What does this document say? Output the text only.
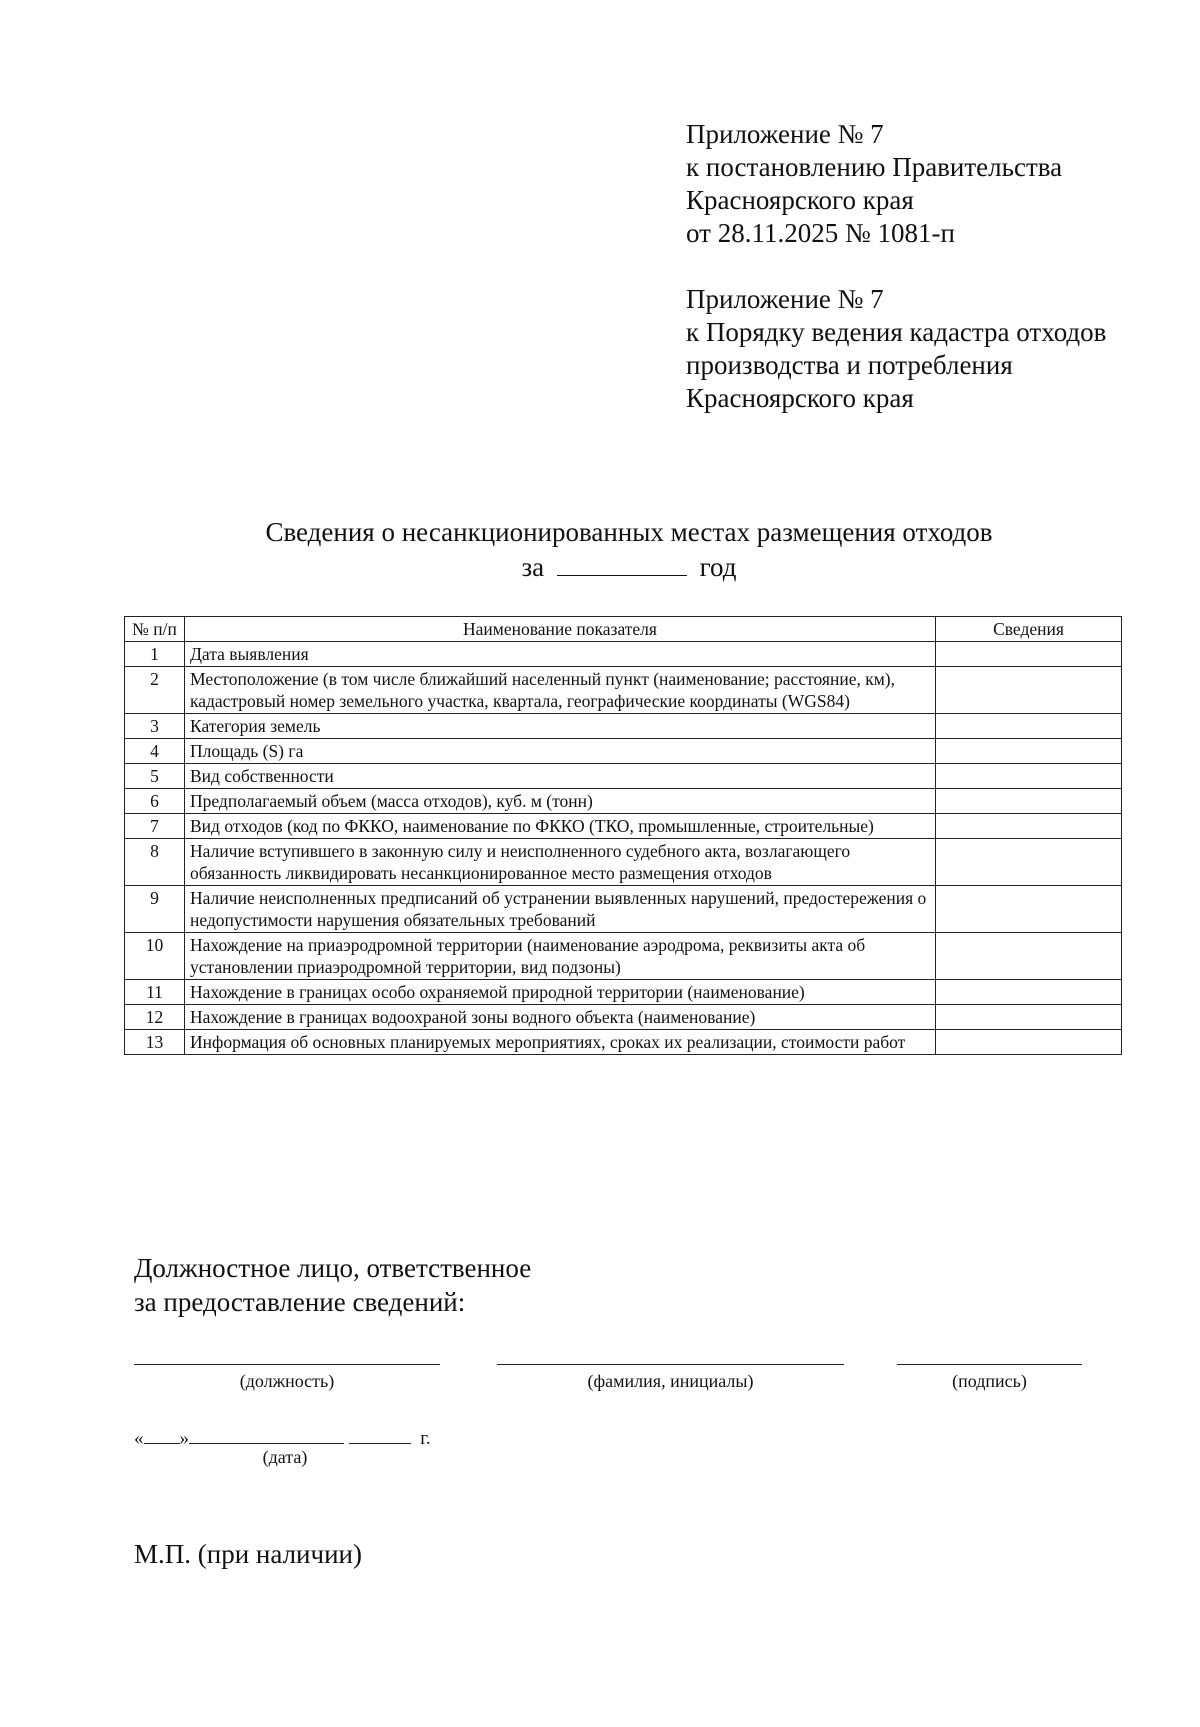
Приложение № 7
к постановлению Правительства
Красноярского края
от 28.11.2025 № 1081-п
Приложение № 7
к Порядку ведения кадастра отходов
производства и потребления
Красноярского края
Сведения о несанкционированных местах размещения отходов
за	год
№ п/п	Наименование показателя	Сведения
1	Дата выявления	
2	Местоположение (в том числе ближайший населенный пункт (наименование; расстояние, км), кадастровый номер земельного участка, квартала, географические координаты (WGS84)	
3	Категория земель	
4	Площадь (S) га	
5	Вид собственности	
6	Предполагаемый объем (масса отходов), куб. м (тонн)	
7	Вид отходов (код по ФККО, наименование по ФККО (ТКО, промышленные, строительные)	
8	Наличие вступившего в законную силу и неисполненного судебного акта, возлагающего обязанность ликвидировать несанкционированное место размещения отходов	
9	Наличие неисполненных предписаний об устранении выявленных нарушений, предостережения о недопустимости нарушения обязательных требований	
10	Нахождение на приаэродромной территории (наименование аэродрома, реквизиты акта об установлении приаэродромной территории, вид подзоны)	
11	Нахождение в границах особо охраняемой природной территории (наименование)	
12	Нахождение в границах водоохраной зоны водного объекта (наименование)	
13	Информация об основных планируемых мероприятиях, сроках их реализации, стоимости работ	
Должностное лицо, ответственное
за предоставление сведений:
(должность)	(фамилия, инициалы)	(подпись)
« »	г.
(дата)
М.П. (при наличии)
